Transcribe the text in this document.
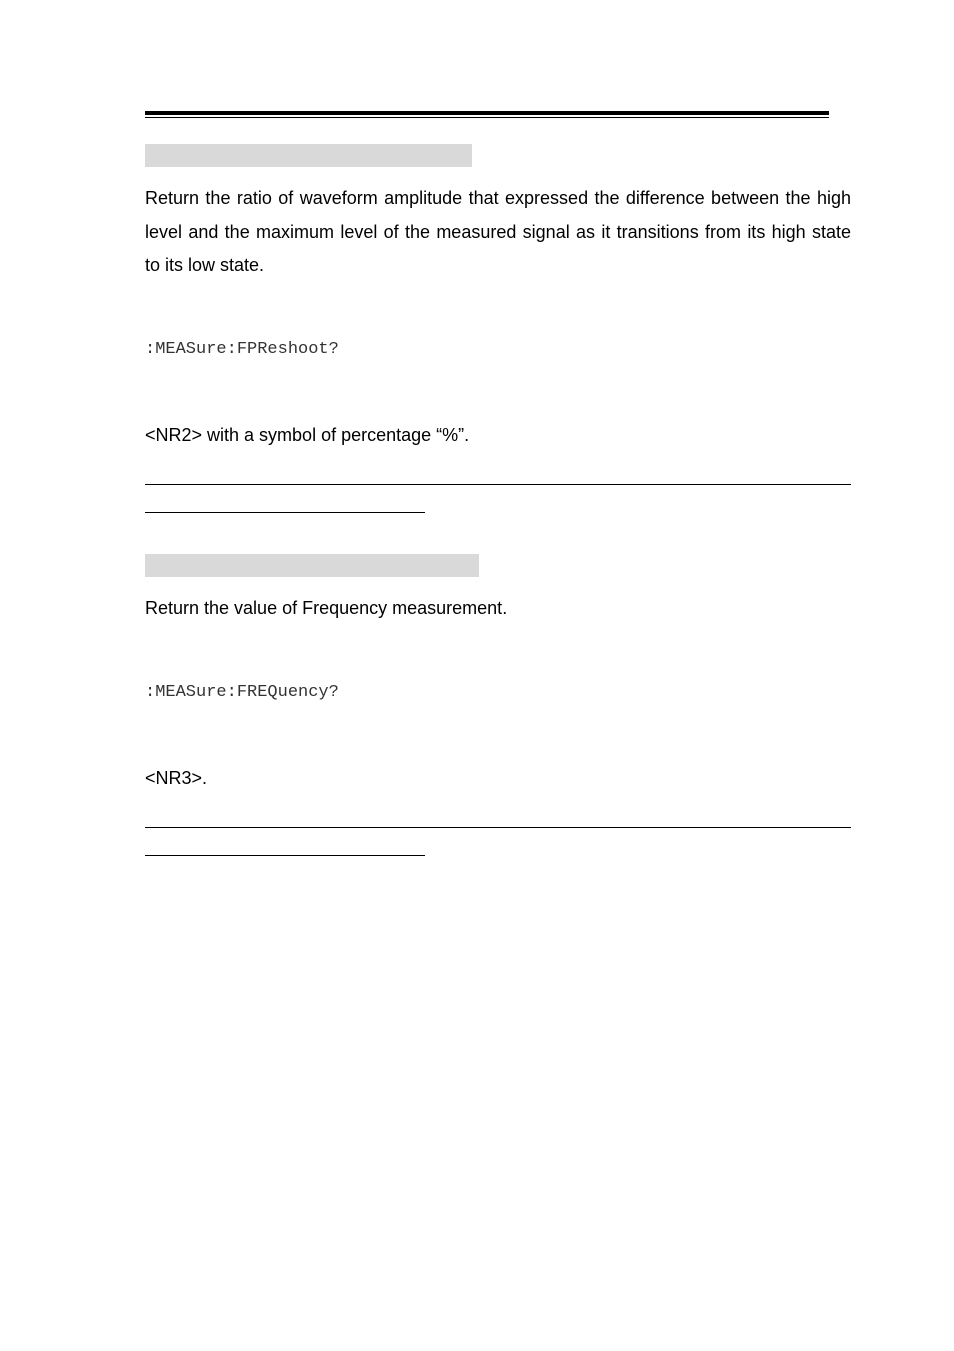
Return the ratio of waveform amplitude that expressed the difference between the high level and the maximum level of the measured signal as it transitions from its high state to its low state.

:MEASure:FPReshoot?

<NR2> with a symbol of percentage “%”.

Return the value of Frequency measurement.

:MEASure:FREQuency?

<NR3>.
